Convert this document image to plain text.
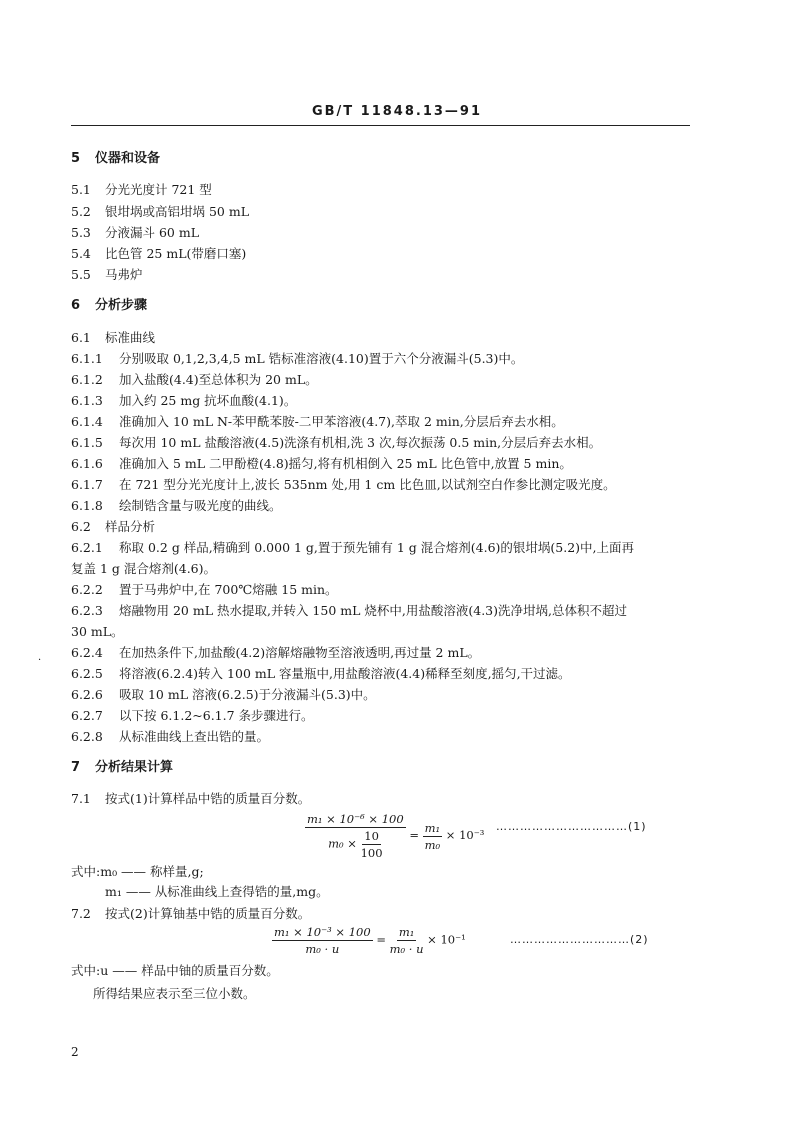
GB/T 11848.13—91
5 仪器和设备
5.1 分光光度计 721 型
5.2 银坩埚或高铝坩埚 50 mL
5.3 分液漏斗 60 mL
5.4 比色管 25 mL(带磨口塞)
5.5 马弗炉
6 分析步骤
6.1 标准曲线
6.1.1 分别吸取 0,1,2,3,4,5 mL 锆标准溶液(4.10)置于六个分液漏斗(5.3)中。
6.1.2 加入盐酸(4.4)至总体积为 20 mL。
6.1.3 加入约 25 mg 抗坏血酸(4.1)。
6.1.4 准确加入 10 mL N-苯甲酰苯胺-二甲苯溶液(4.7),萃取 2 min,分层后弃去水相。
6.1.5 每次用 10 mL 盐酸溶液(4.5)洗涤有机相,洗 3 次,每次振荡 0.5 min,分层后弃去水相。
6.1.6 准确加入 5 mL 二甲酚橙(4.8)摇匀,将有机相倒入 25 mL 比色管中,放置 5 min。
6.1.7 在 721 型分光光度计上,波长 535nm 处,用 1 cm 比色皿,以试剂空白作参比测定吸光度。
6.1.8 绘制锆含量与吸光度的曲线。
6.2 样品分析
6.2.1 称取 0.2 g 样品,精确到 0.000 1 g,置于预先铺有 1 g 混合熔剂(4.6)的银坩埚(5.2)中,上面再
复盖 1 g 混合熔剂(4.6)。
6.2.2 置于马弗炉中,在 700℃熔融 15 min。
6.2.3 熔融物用 20 mL 热水提取,并转入 150 mL 烧杯中,用盐酸溶液(4.3)洗净坩埚,总体积不超过
30 mL。
·
6.2.4 在加热条件下,加盐酸(4.2)溶解熔融物至溶液透明,再过量 2 mL。
6.2.5 将溶液(6.2.4)转入 100 mL 容量瓶中,用盐酸溶液(4.4)稀释至刻度,摇匀,干过滤。
6.2.6 吸取 10 mL 溶液(6.2.5)于分液漏斗(5.3)中。
6.2.7 以下按 6.1.2~6.1.7 条步骤进行。
6.2.8 从标准曲线上查出锆的量。
7 分析结果计算
7.1 按式(1)计算样品中锆的质量百分数。
$\frac{\text{m₁ × 10⁻⁶ × 100}}{m_0 \times \frac{10}{100}} = \frac{\text{m₁}}{\text{m₀}} \times 10^{-3}$
……………………………(1)
式中:m₀ —— 称样量,g;
m₁ —— 从标准曲线上查得锆的量,mg。
7.2 按式(2)计算铀基中锆的质量百分数。
$\frac{\text{m₁ × 10⁻³ × 100}}{\text{m₀ · u}} = \frac{\text{m₁}}{\text{m₀ · u}} \times 10^{-1}$	…………………………(2)
式中:u —— 样品中铀的质量百分数。
所得结果应表示至三位小数。
2
